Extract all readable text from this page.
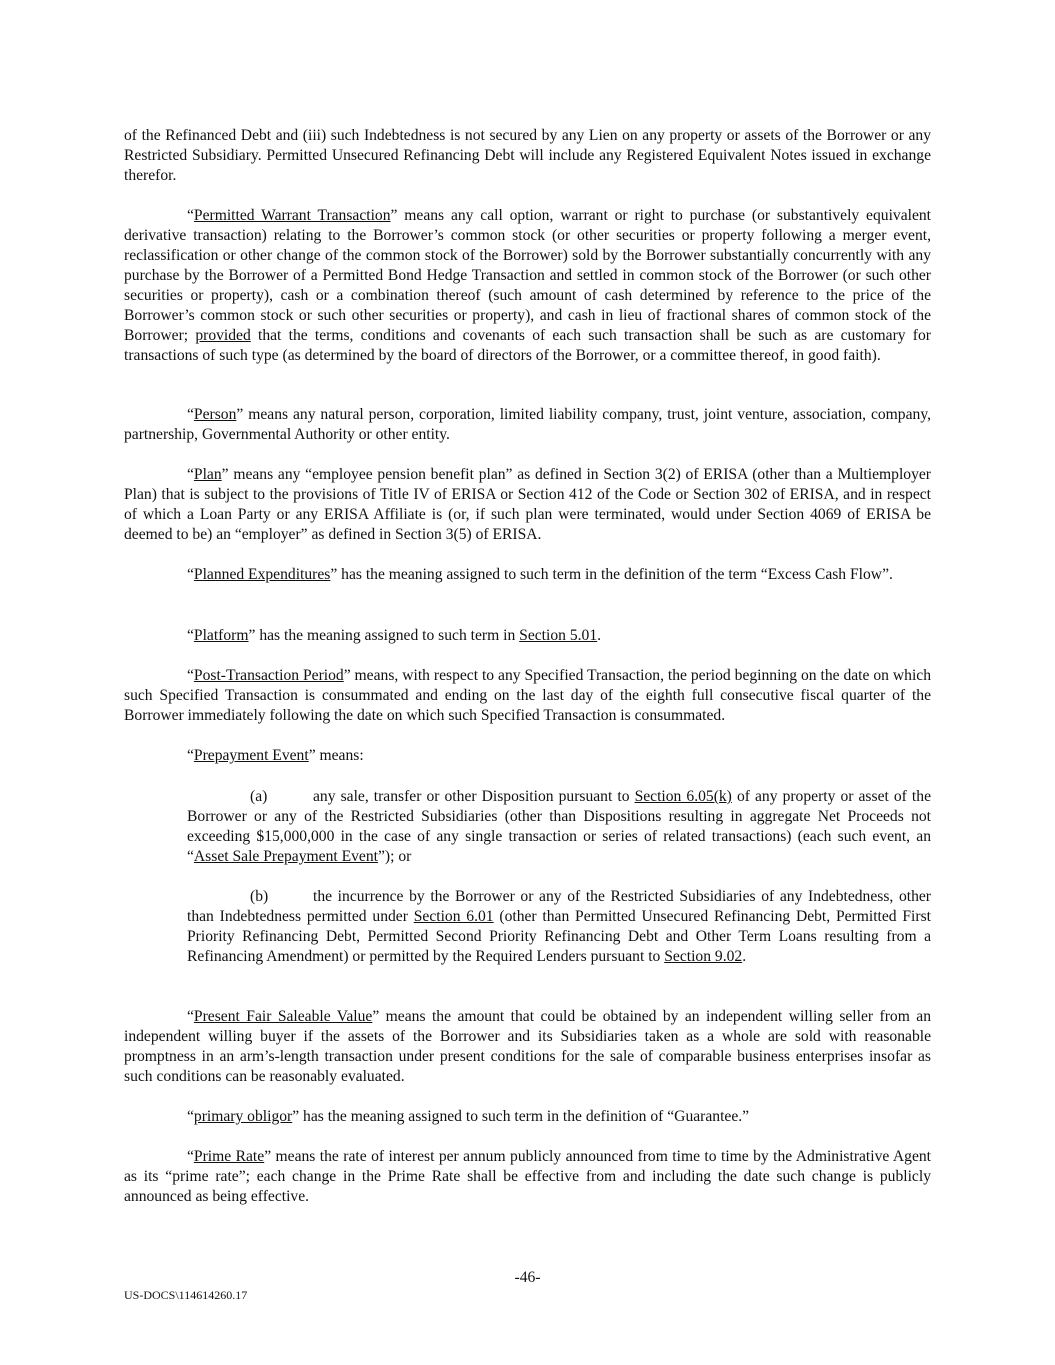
of the Refinanced Debt and (iii) such Indebtedness is not secured by any Lien on any property or assets of the Borrower or any Restricted Subsidiary. Permitted Unsecured Refinancing Debt will include any Registered Equivalent Notes issued in exchange therefor.

“Permitted Warrant Transaction” means any call option, warrant or right to purchase (or substantively equivalent derivative transaction) relating to the Borrower’s common stock (or other securities or property following a merger event, reclassification or other change of the common stock of the Borrower) sold by the Borrower substantially concurrently with any purchase by the Borrower of a Permitted Bond Hedge Transaction and settled in common stock of the Borrower (or such other securities or property), cash or a combination thereof (such amount of cash determined by reference to the price of the Borrower’s common stock or such other securities or property), and cash in lieu of fractional shares of common stock of the Borrower; provided that the terms, conditions and covenants of each such transaction shall be such as are customary for transactions of such type (as determined by the board of directors of the Borrower, or a committee thereof, in good faith).

“Person” means any natural person, corporation, limited liability company, trust, joint venture, association, company, partnership, Governmental Authority or other entity.

“Plan” means any “employee pension benefit plan” as defined in Section 3(2) of ERISA (other than a Multiemployer Plan) that is subject to the provisions of Title IV of ERISA or Section 412 of the Code or Section 302 of ERISA, and in respect of which a Loan Party or any ERISA Affiliate is (or, if such plan were terminated, would under Section 4069 of ERISA be deemed to be) an “employer” as defined in Section 3(5) of ERISA.

“Planned Expenditures” has the meaning assigned to such term in the definition of the term “Excess Cash Flow”.

“Platform” has the meaning assigned to such term in Section 5.01.

“Post-Transaction Period” means, with respect to any Specified Transaction, the period beginning on the date on which such Specified Transaction is consummated and ending on the last day of the eighth full consecutive fiscal quarter of the Borrower immediately following the date on which such Specified Transaction is consummated.

“Prepayment Event” means:

(a)	any sale, transfer or other Disposition pursuant to Section 6.05(k) of any property or asset of the Borrower or any of the Restricted Subsidiaries (other than Dispositions resulting in aggregate Net Proceeds not exceeding $15,000,000 in the case of any single transaction or series of related transactions) (each such event, an “Asset Sale Prepayment Event”); or

(b)	the incurrence by the Borrower or any of the Restricted Subsidiaries of any Indebtedness, other than Indebtedness permitted under Section 6.01 (other than Permitted Unsecured Refinancing Debt, Permitted First Priority Refinancing Debt, Permitted Second Priority Refinancing Debt and Other Term Loans resulting from a Refinancing Amendment) or permitted by the Required Lenders pursuant to Section 9.02.

“Present Fair Saleable Value” means the amount that could be obtained by an independent willing seller from an independent willing buyer if the assets of the Borrower and its Subsidiaries taken as a whole are sold with reasonable promptness in an arm’s-length transaction under present conditions for the sale of comparable business enterprises insofar as such conditions can be reasonably evaluated.

“primary obligor” has the meaning assigned to such term in the definition of “Guarantee.”

“Prime Rate” means the rate of interest per annum publicly announced from time to time by the Administrative Agent as its “prime rate”; each change in the Prime Rate shall be effective from and including the date such change is publicly announced as being effective.

-46-
US-DOCS\114614260.17
